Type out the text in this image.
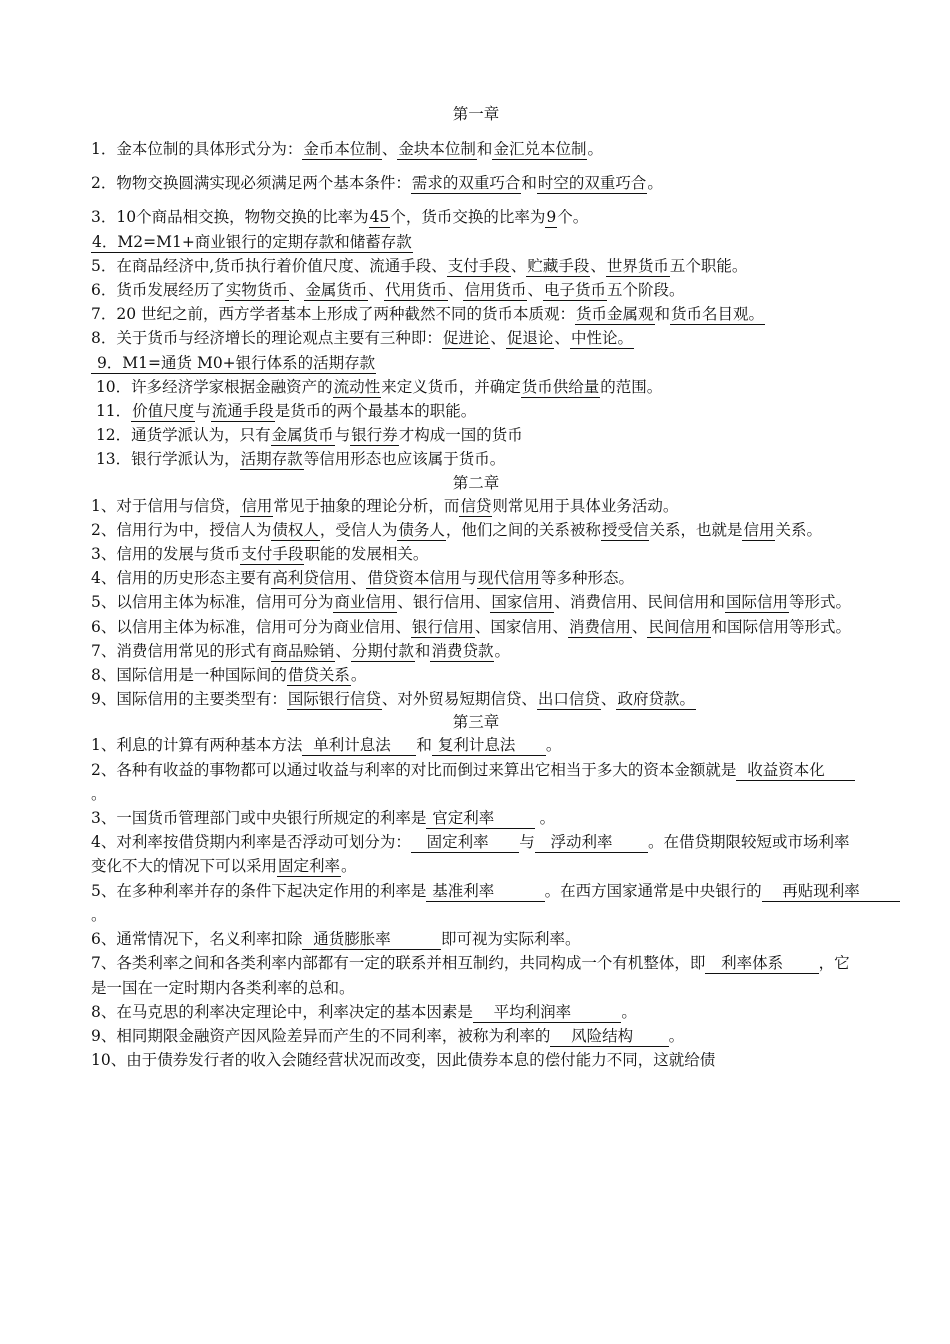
第一章
1．金本位制的具体形式分为：金币本位制、金块本位制和金汇兑本位制。
2．物物交换圆满实现必须满足两个基本条件：需求的双重巧合和时空的双重巧合。
3．10个商品相交换，物物交换的比率为45个，货币交换的比率为9个。
4．M2=M1+商业银行的定期存款和储蓄存款
5．在商品经济中,货币执行着价值尺度、流通手段、支付手段、贮藏手段、世界货币五个职能。
6．货币发展经历了实物货币、金属货币、代用货币、信用货币、电子货币五个阶段。
7．20 世纪之前，西方学者基本上形成了两种截然不同的货币本质观：货币金属观和货币名目观。
8．关于货币与经济增长的理论观点主要有三种即：促进论、促退论、中性论。
9．M1=通货 M0+银行体系的活期存款
10．许多经济学家根据金融资产的流动性来定义货币，并确定货币供给量的范围。
11．价值尺度与流通手段是货币的两个最基本的职能。
12．通货学派认为，只有金属货币与银行券才构成一国的货币
13．银行学派认为，活期存款等信用形态也应该属于货币。
第二章
1、对于信用与信贷，信用常见于抽象的理论分析，而信贷则常见用于具体业务活动。
2、信用行为中，授信人为债权人，受信人为债务人，他们之间的关系被称授受信关系，也就是信用关系。
3、信用的发展与货币支付手段职能的发展相关。
4、信用的历史形态主要有高利贷信用、借贷资本信用与现代信用等多种形态。
5、以信用主体为标准，信用可分为商业信用、银行信用、国家信用、消费信用、民间信用和国际信用等形式。
6、以信用主体为标准，信用可分为商业信用、银行信用、国家信用、消费信用、民间信用和国际信用等形式。
7、消费信用常见的形式有商品赊销、分期付款和消费贷款。
8、国际信用是一种国际间的借贷关系。
9、国际信用的主要类型有：国际银行信贷、对外贸易短期信贷、出口信贷、政府贷款。
第三章
1、利息的计算有两种基本方法  单利计息法     和 复利计息法      。
2、各种有收益的事物都可以通过收益与利率的对比而倒过来算出它相当于多大的资本金额就是  收益资本化      。
3、一国货币管理部门或中央银行所规定的利率是 官定利率         。
4、对利率按借贷期内利率是否浮动可划分为：   固定利率      与   浮动利率       。在借贷期限较短或市场利率变化不大的情况下可以采用固定利率。
5、在多种利率并存的条件下起决定作用的利率是 基准利率          。在西方国家通常是中央银行的    再贴现利率        。
6、通常情况下，名义利率扣除  通货膨胀率          即可视为实际利率。
7、各类利率之间和各类利率内部都有一定的联系并相互制约，共同构成一个有机整体，即   利率体系       ，它是一国在一定时期内各类利率的总和。
8、在马克思的利率决定理论中，利率决定的基本因素是    平均利润率          。
9、相同期限金融资产因风险差异而产生的不同利率，被称为利率的    风险结构       。
10、由于债券发行者的收入会随经营状况而改变，因此债券本息的偿付能力不同，这就给债
